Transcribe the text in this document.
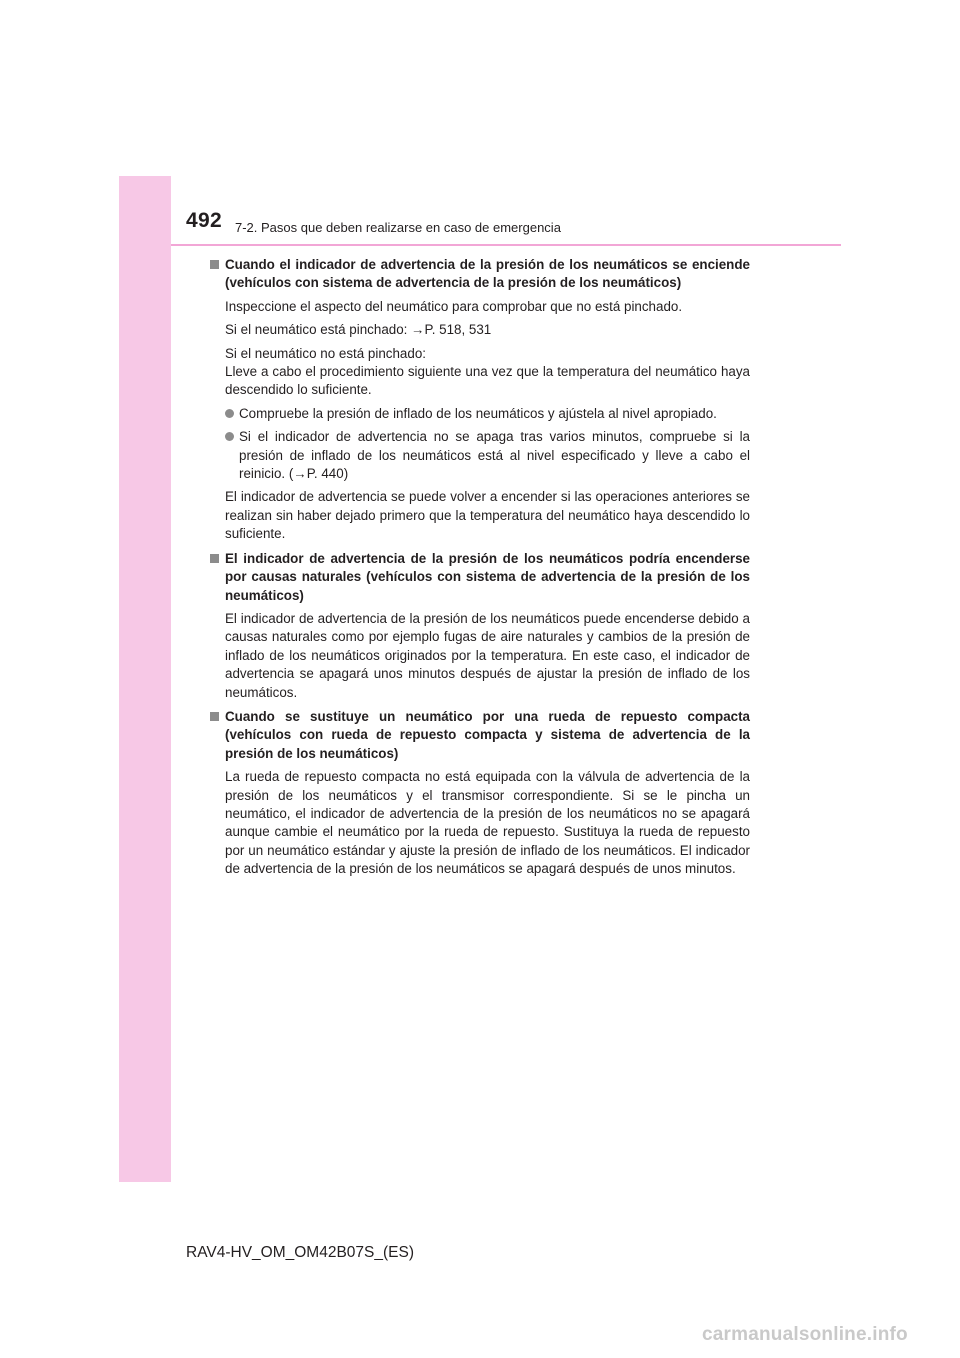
492 7-2. Pasos que deben realizarse en caso de emergencia
Cuando el indicador de advertencia de la presión de los neumáticos se enciende (vehículos con sistema de advertencia de la presión de los neumáticos)

Inspeccione el aspecto del neumático para comprobar que no está pinchado.

Si el neumático está pinchado: →P. 518, 531

Si el neumático no está pinchado:
Lleve a cabo el procedimiento siguiente una vez que la temperatura del neumático haya descendido lo suficiente.

Compruebe la presión de inflado de los neumáticos y ajústela al nivel apropiado.

Si el indicador de advertencia no se apaga tras varios minutos, compruebe si la presión de inflado de los neumáticos está al nivel especificado y lleve a cabo el reinicio. (→P. 440)

El indicador de advertencia se puede volver a encender si las operaciones anteriores se realizan sin haber dejado primero que la temperatura del neumático haya descendido lo suficiente.

El indicador de advertencia de la presión de los neumáticos podría encenderse por causas naturales (vehículos con sistema de advertencia de la presión de los neumáticos)

El indicador de advertencia de la presión de los neumáticos puede encenderse debido a causas naturales como por ejemplo fugas de aire naturales y cambios de la presión de inflado de los neumáticos originados por la temperatura. En este caso, el indicador de advertencia se apagará unos minutos después de ajustar la presión de inflado de los neumáticos.

Cuando se sustituye un neumático por una rueda de repuesto compacta (vehículos con rueda de repuesto compacta y sistema de advertencia de la presión de los neumáticos)

La rueda de repuesto compacta no está equipada con la válvula de advertencia de la presión de los neumáticos y el transmisor correspondiente. Si se le pincha un neumático, el indicador de advertencia de la presión de los neumáticos no se apagará aunque cambie el neumático por la rueda de repuesto. Sustituya la rueda de repuesto por un neumático estándar y ajuste la presión de inflado de los neumáticos. El indicador de advertencia de la presión de los neumáticos se apagará después de unos minutos.

RAV4-HV_OM_OM42B07S_(ES)
carmanualsonline.info
